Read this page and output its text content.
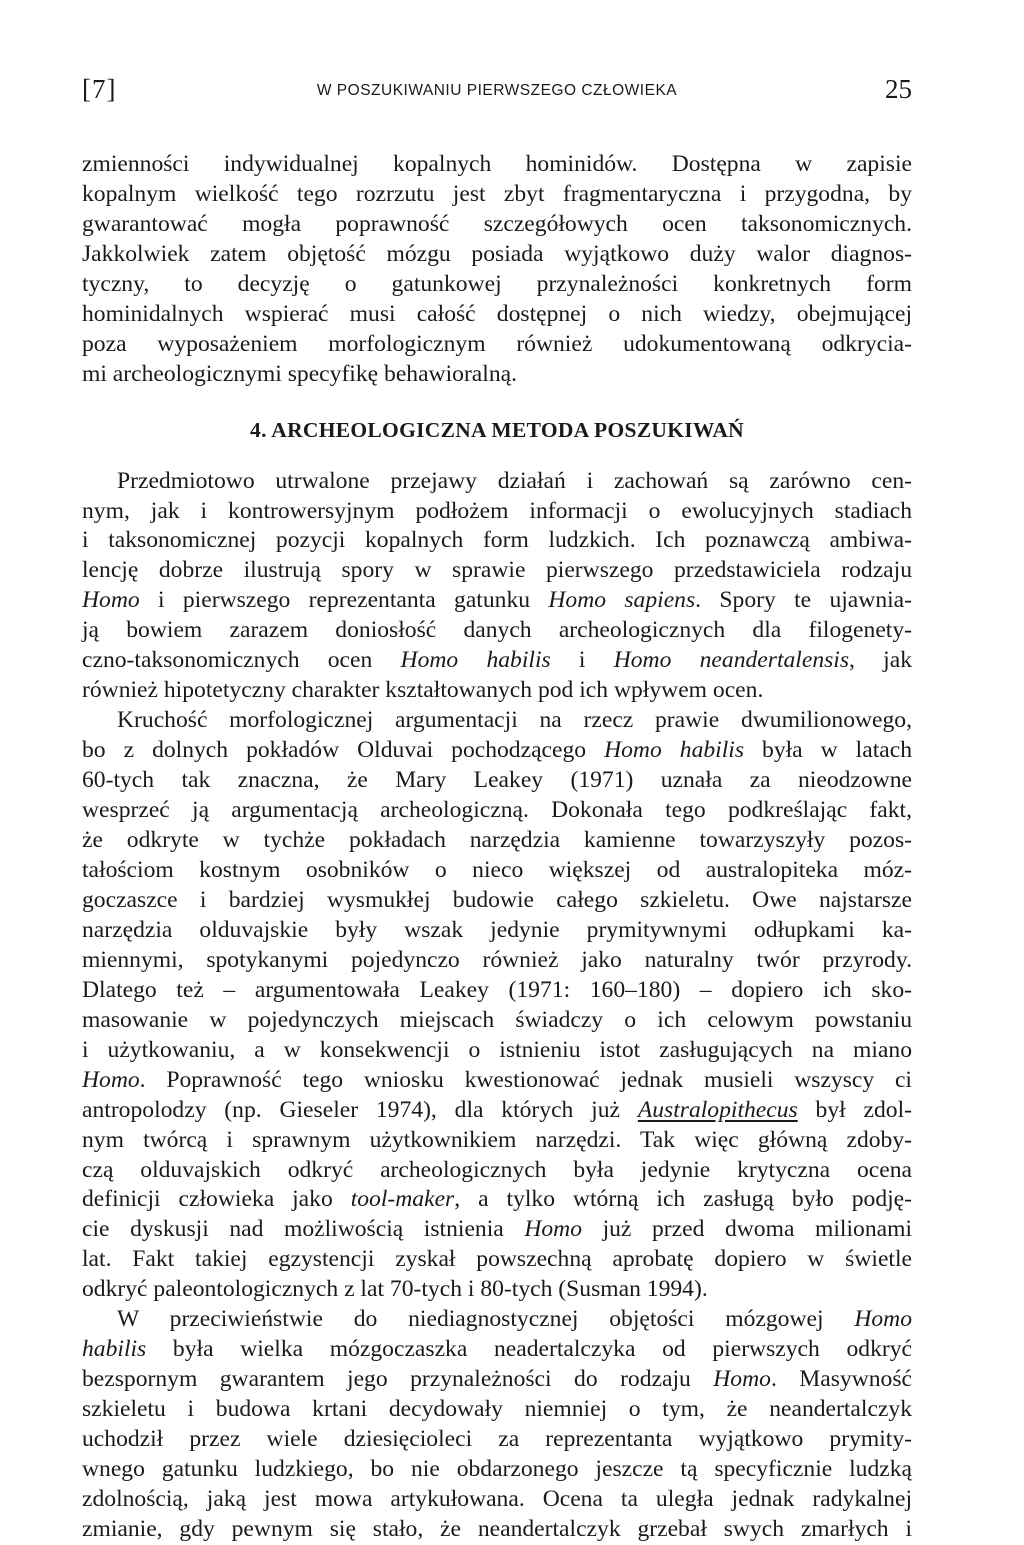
[7]	W POSZUKIWANIU PIERWSZEGO CZŁOWIEKA	25

zmienności indywidualnej kopalnych hominidów. Dostępna w zapisie
kopalnym wielkość tego rozrzutu jest zbyt fragmentaryczna i przygodna, by
gwarantować mogła poprawność szczegółowych ocen taksonomicznych.
Jakkolwiek zatem objętość mózgu posiada wyjątkowo duży walor diagnos-
tyczny, to decyzję o gatunkowej przynależności konkretnych form
hominidalnych wspierać musi całość dostępnej o nich wiedzy, obejmującej
poza wyposażeniem morfologicznym również udokumentowaną odkrycia-
mi archeologicznymi specyfikę behawioralną.

4. ARCHEOLOGICZNA METODA POSZUKIWAŃ

Przedmiotowo utrwalone przejawy działań i zachowań są zarówno cen-
nym, jak i kontrowersyjnym podłożem informacji o ewolucyjnych stadiach
i taksonomicznej pozycji kopalnych form ludzkich. Ich poznawczą ambiwa-
lencję dobrze ilustrują spory w sprawie pierwszego przedstawiciela rodzaju
Homo i pierwszego reprezentanta gatunku Homo sapiens. Spory te ujawnia-
ją bowiem zarazem doniosłość danych archeologicznych dla filogenety-
czno-taksonomicznych ocen Homo habilis i Homo neandertalensis, jak
również hipotetyczny charakter kształtowanych pod ich wpływem ocen.

Kruchość morfologicznej argumentacji na rzecz prawie dwumilionowego,
bo z dolnych pokładów Olduvai pochodzącego Homo habilis była w latach
60-tych tak znaczna, że Mary Leakey (1971) uznała za nieodzowne
wesprzeć ją argumentacją archeologiczną. Dokonała tego podkreślając fakt,
że odkryte w tychże pokładach narzędzia kamienne towarzyszyły pozos-
tałościom kostnym osobników o nieco większej od australopiteka móz-
goczaszce i bardziej wysmukłej budowie całego szkieletu. Owe najstarsze
narzędzia olduvajskie były wszak jedynie prymitywnymi odłupkami ka-
miennymi, spotykanymi pojedynczo również jako naturalny twór przyrody.
Dlatego też – argumentowała Leakey (1971: 160–180) – dopiero ich sko-
masowanie w pojedynczych miejscach świadczy o ich celowym powstaniu
i użytkowaniu, a w konsekwencji o istnieniu istot zasługujących na miano
Homo. Poprawność tego wniosku kwestionować jednak musieli wszyscy ci
antropolodzy (np. Gieseler 1974), dla których już Australopithecus był zdol-
nym twórcą i sprawnym użytkownikiem narzędzi. Tak więc główną zdoby-
czą olduvajskich odkryć archeologicznych była jedynie krytyczna ocena
definicji człowieka jako tool-maker, a tylko wtórną ich zasługą było podję-
cie dyskusji nad możliwością istnienia Homo już przed dwoma milionami
lat. Fakt takiej egzystencji zyskał powszechną aprobatę dopiero w świetle
odkryć paleontologicznych z lat 70-tych i 80-tych (Susman 1994).

W przeciwieństwie do niediagnostycznej objętości mózgowej Homo
habilis była wielka mózgoczaszka neadertalczyka od pierwszych odkryć
bezspornym gwarantem jego przynależności do rodzaju Homo. Masywność
szkieletu i budowa krtani decydowały niemniej o tym, że neandertalczyk
uchodził przez wiele dziesięcioleci za reprezentanta wyjątkowo prymity-
wnego gatunku ludzkiego, bo nie obdarzonego jeszcze tą specyficznie ludzką
zdolnością, jaką jest mowa artykułowana. Ocena ta uległa jednak radykalnej
zmianie, gdy pewnym się stało, że neandertalczyk grzebał swych zmarłych i
